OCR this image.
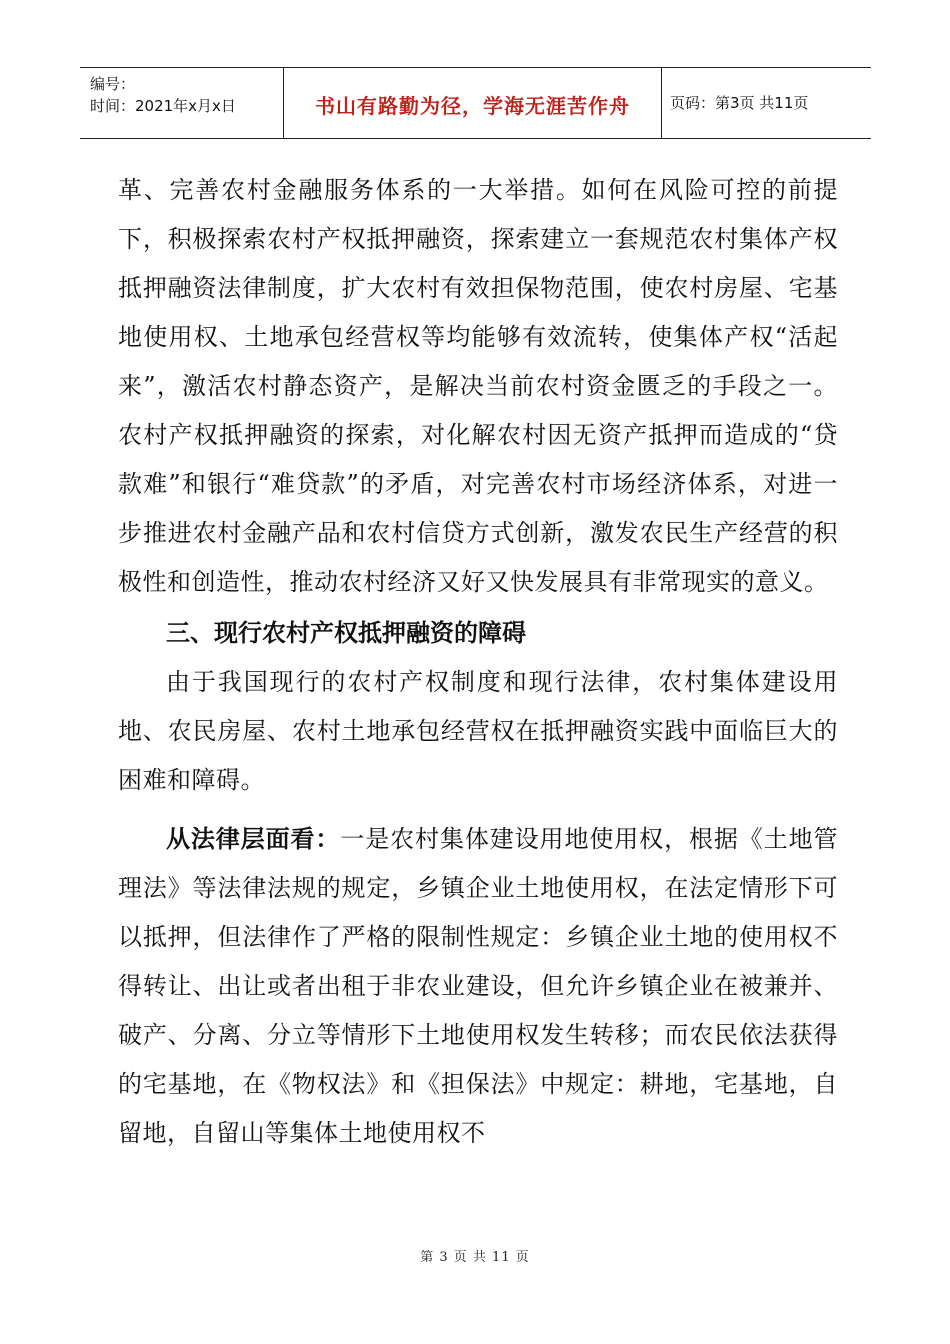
编号：
时间：2021年x月x日	书山有路勤为径，学海无涯苦作舟	页码：第3页 共11页

革、完善农村金融服务体系的一大举措。如何在风险可控的前提下，积极探索农村产权抵押融资，探索建立一套规范农村集体产权抵押融资法律制度，扩大农村有效担保物范围，使农村房屋、宅基地使用权、土地承包经营权等均能够有效流转，使集体产权“活起来”，激活农村静态资产，是解决当前农村资金匮乏的手段之一。农村产权抵押融资的探索，对化解农村因无资产抵押而造成的“贷款难”和银行“难贷款”的矛盾，对完善农村市场经济体系，对进一步推进农村金融产品和农村信贷方式创新，激发农民生产经营的积极性和创造性，推动农村经济又好又快发展具有非常现实的意义。

三、现行农村产权抵押融资的障碍

由于我国现行的农村产权制度和现行法律，农村集体建设用地、农民房屋、农村土地承包经营权在抵押融资实践中面临巨大的困难和障碍。

从法律层面看：一是农村集体建设用地使用权，根据《土地管理法》等法律法规的规定，乡镇企业土地使用权，在法定情形下可以抵押，但法律作了严格的限制性规定：乡镇企业土地的使用权不得转让、出让或者出租于非农业建设，但允许乡镇企业在被兼并、破产、分离、分立等情形下土地使用权发生转移；而农民依法获得的宅基地，在《物权法》和《担保法》中规定：耕地，宅基地，自留地，自留山等集体土地使用权不

第 3 页 共 11 页
